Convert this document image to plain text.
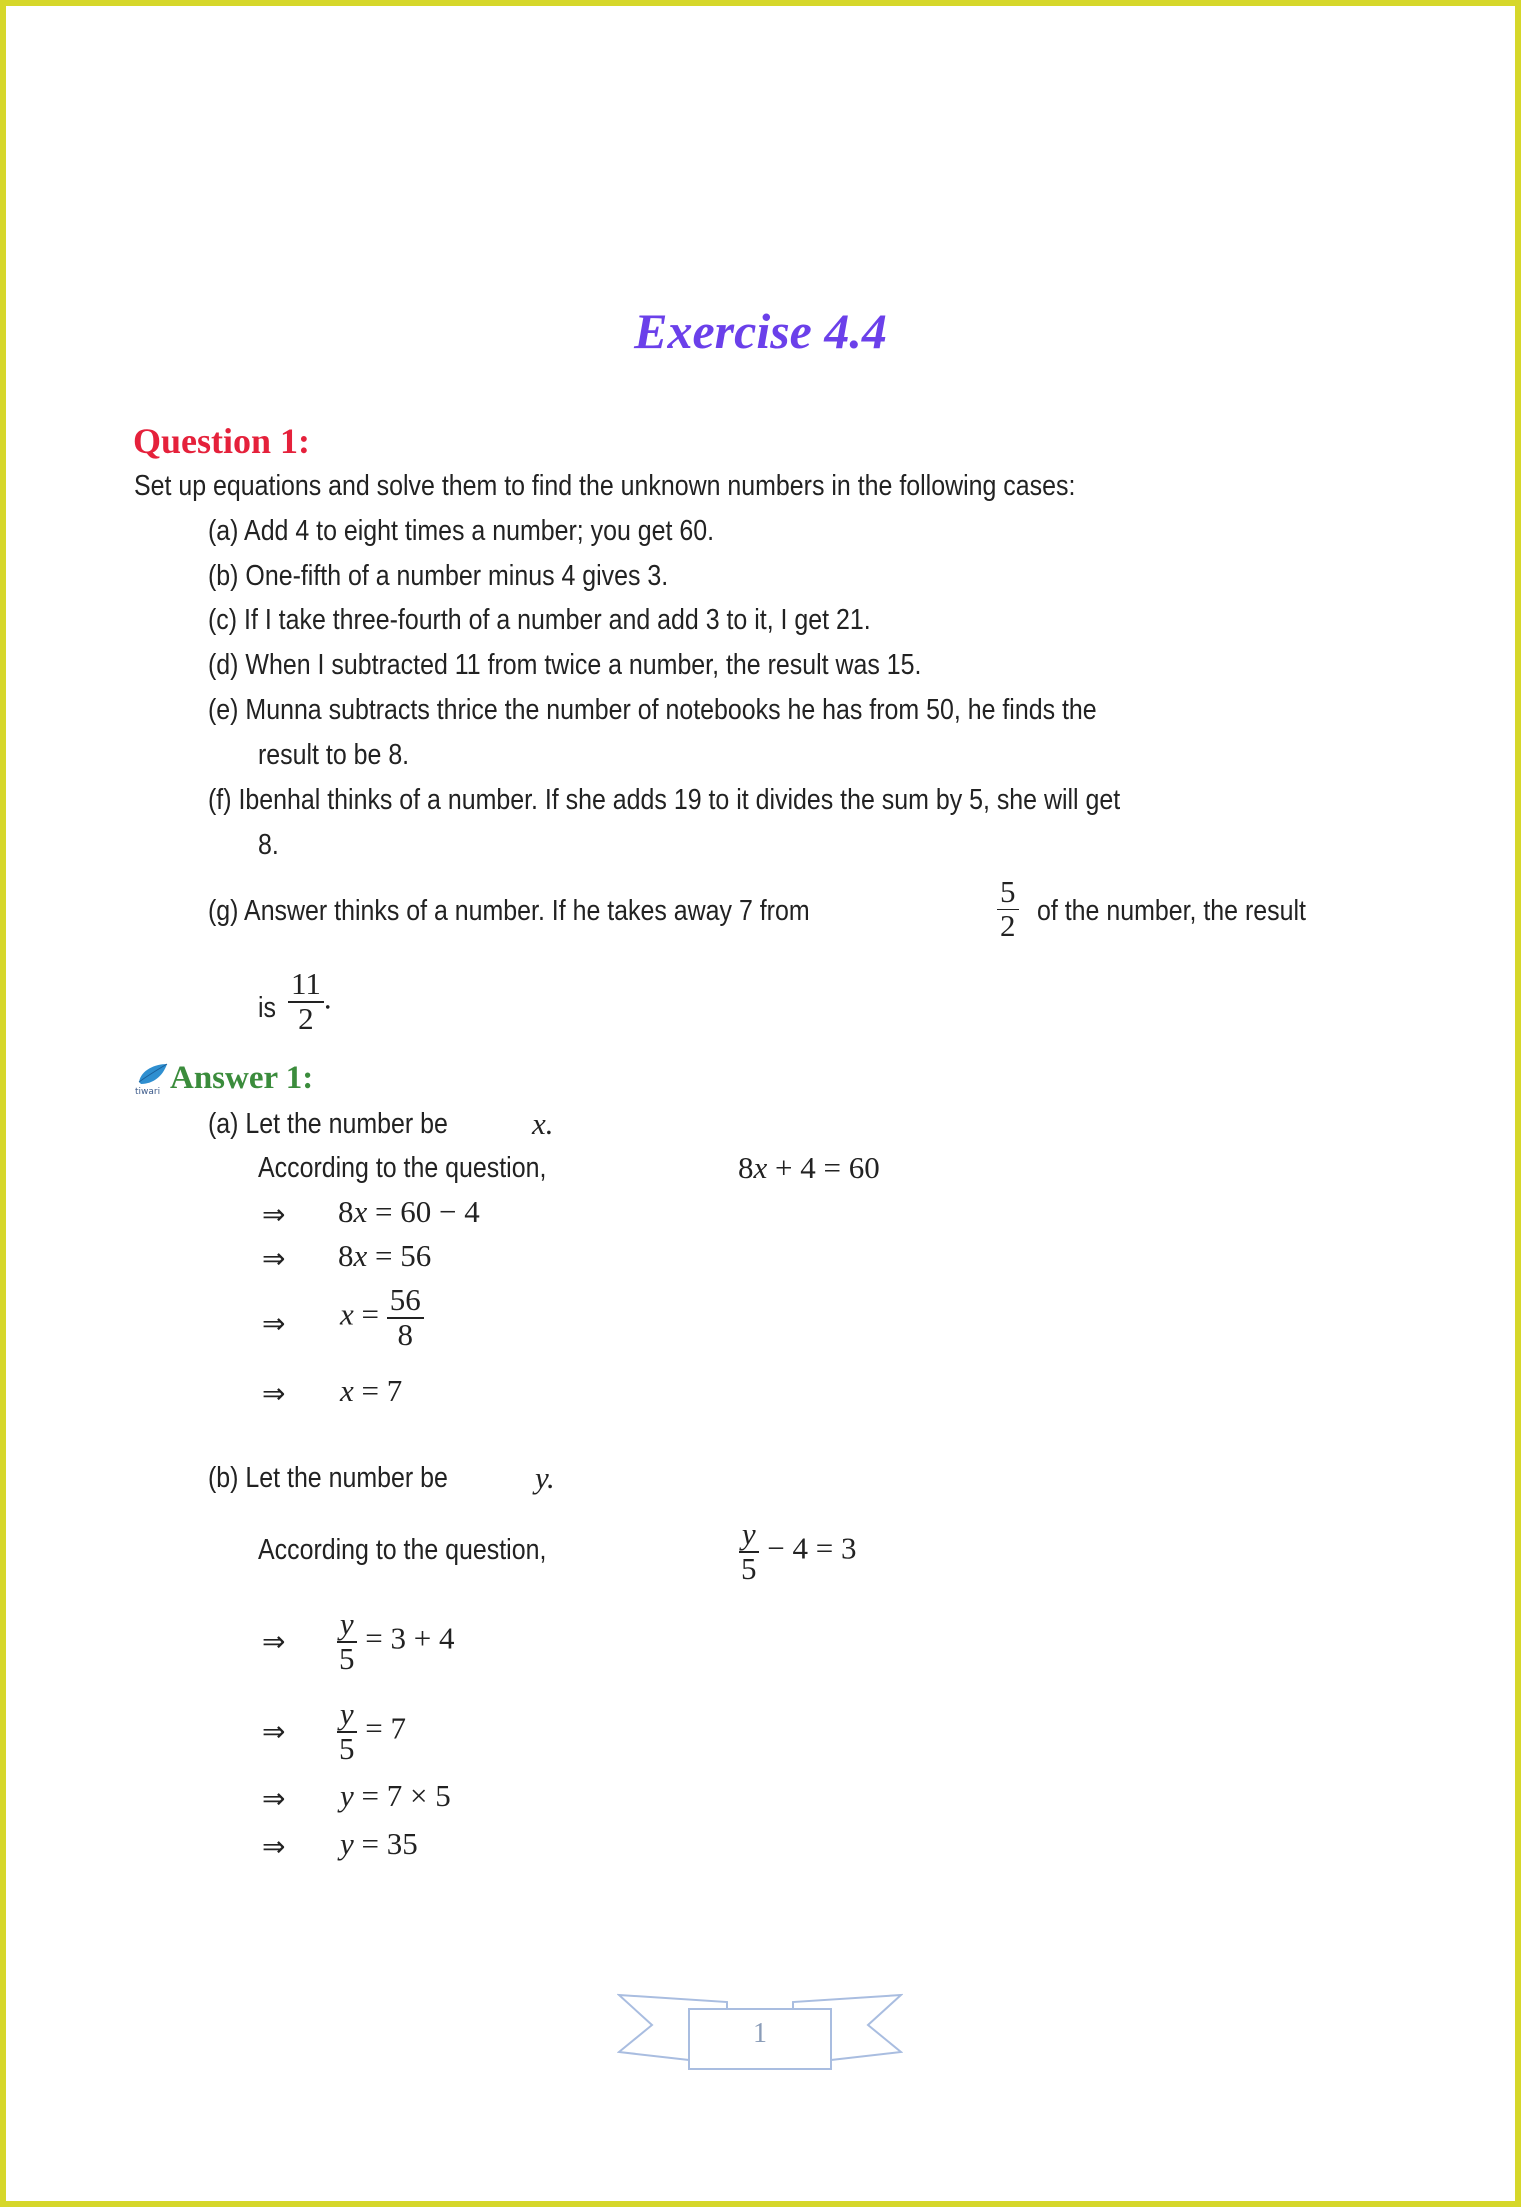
Exercise 4.4
Question 1:
Set up equations and solve them to find the unknown numbers in the following cases:
(a) Add 4 to eight times a number; you get 60.
(b) One-fifth of a number minus 4 gives 3.
(c) If I take three-fourth of a number and add 3 to it, I get 21.
(d) When I subtracted 11 from twice a number, the result was 15.
(e) Munna subtracts thrice the number of notebooks he has from 50, he finds the
result to be 8.
(f) Ibenhal thinks of a number. If she adds 19 to it divides the sum by 5, she will get
8.
(g) Answer thinks of a number. If he takes away 7 from	$\frac{5}{2}$ of the number, the result
is $\frac{11}{2}$ .
tiwari Answer 1:
(a) Let the number be	x.
According to the question,	8x + 4 = 60
⇒ 8x = 60 − 4
⇒ 8x = 56
⇒ $x = \frac{56}{8}$
⇒ x = 7
(b) Let the number be	y.
According to the question,	$\frac{y}{5} - 4 = 3$
⇒ $\frac{y}{5} = 3 + 4$
⇒ $\frac{y}{5} = 7$
⇒ y = 7 × 5
⇒ y = 35
1
